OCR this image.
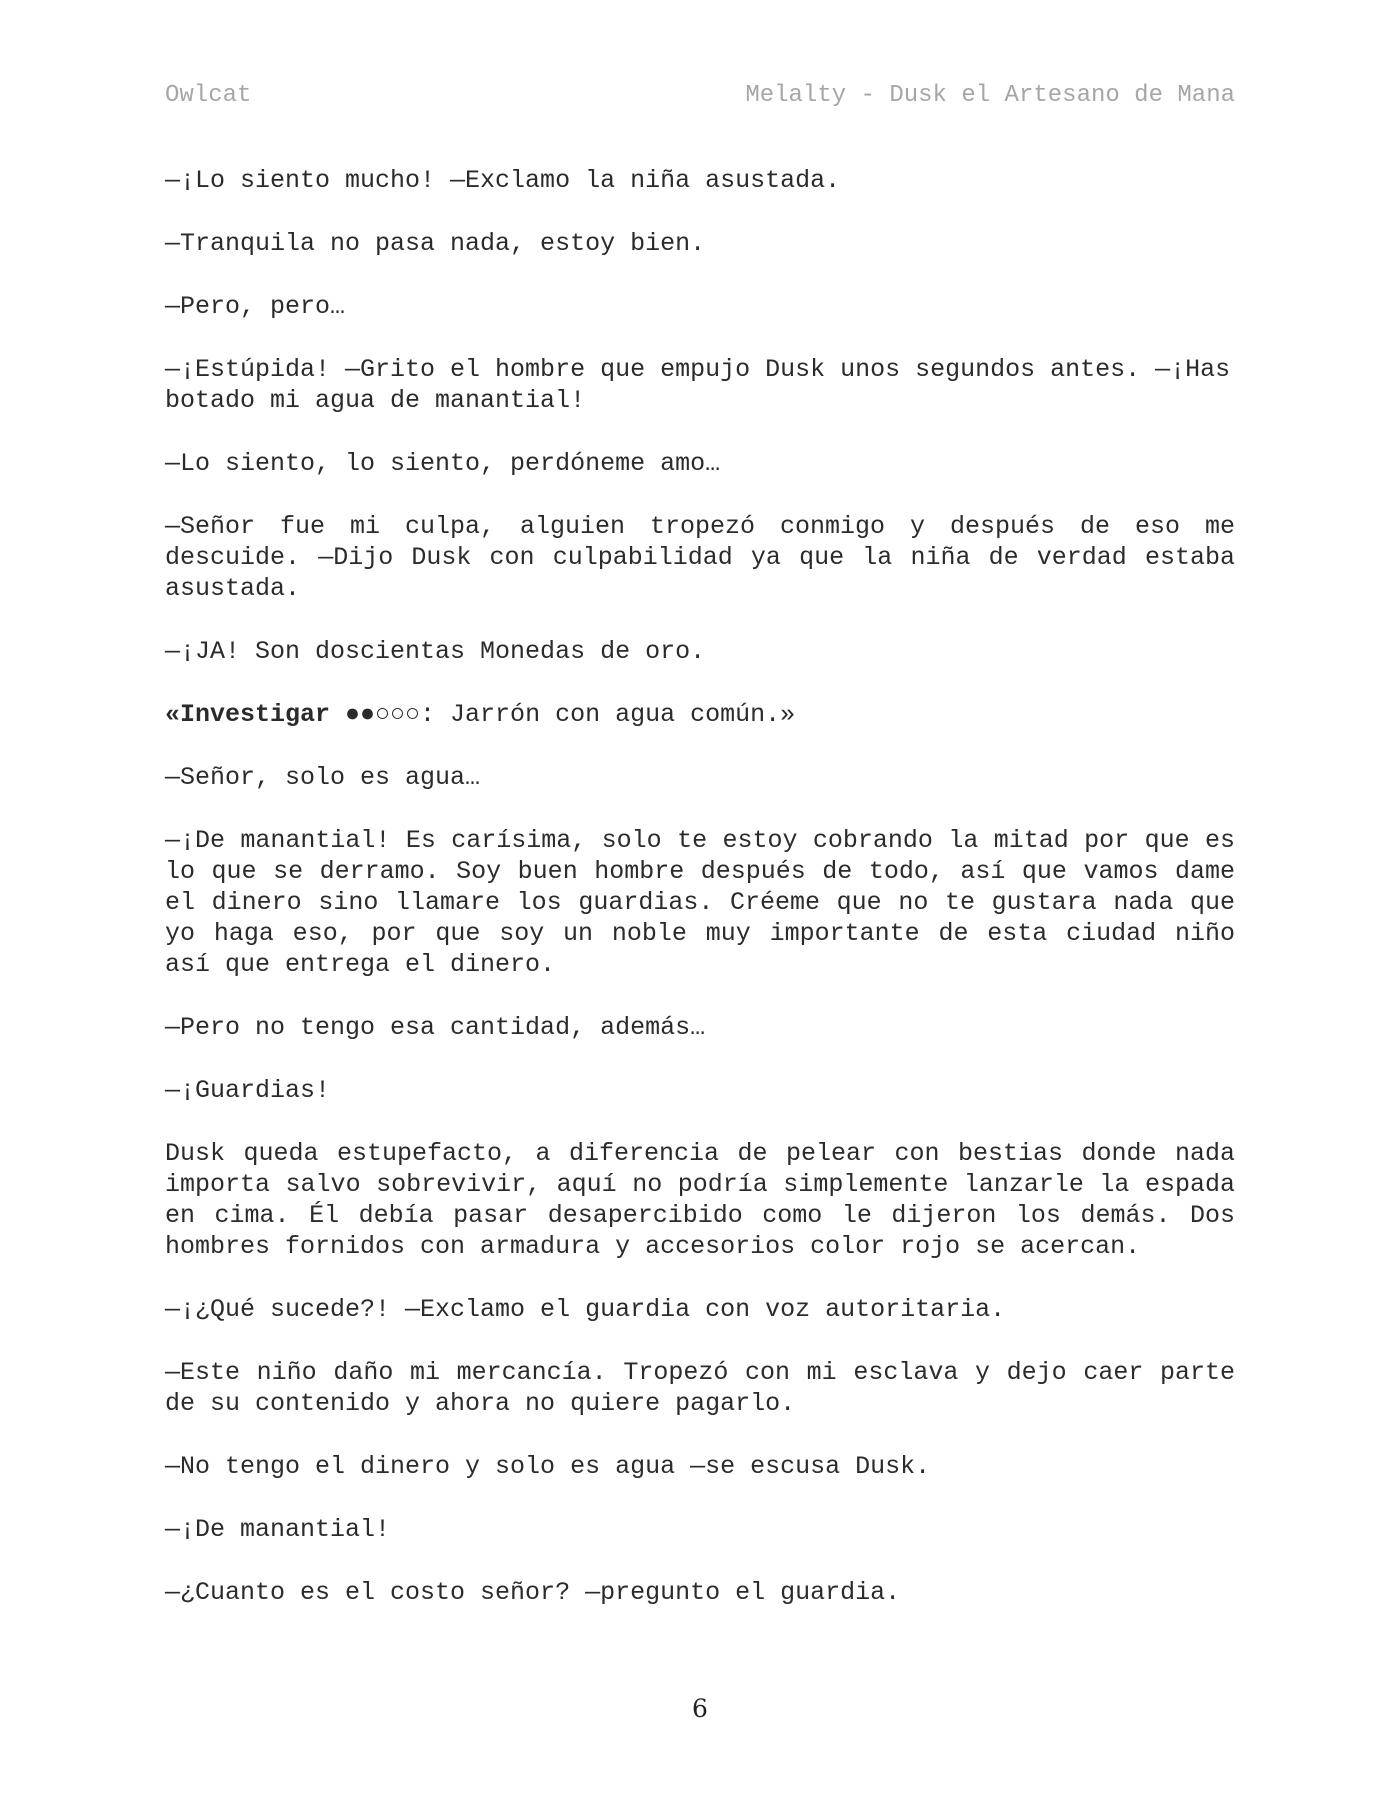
Owlcat	Melalty - Dusk el Artesano de Mana

—¡Lo siento mucho! —Exclamo la niña asustada.

—Tranquila no pasa nada, estoy bien.

—Pero, pero…

—¡Estúpida! —Grito el hombre que empujo Dusk unos segundos antes. —¡Has botado mi agua de manantial!

—Lo siento, lo siento, perdóneme amo…

—Señor fue mi culpa, alguien tropezó conmigo y después de eso me descuide. —Dijo Dusk con culpabilidad ya que la niña de verdad estaba asustada.

—¡JA! Son doscientas Monedas de oro.

«Investigar ●●○○○: Jarrón con agua común.»

—Señor, solo es agua…

—¡De manantial! Es carísima, solo te estoy cobrando la mitad por que es lo que se derramo. Soy buen hombre después de todo, así que vamos dame el dinero sino llamare los guardias. Créeme que no te gustara nada que yo haga eso, por que soy un noble muy importante de esta ciudad niño así que entrega el dinero.

—Pero no tengo esa cantidad, además…

—¡Guardias!

Dusk queda estupefacto, a diferencia de pelear con bestias donde nada importa salvo sobrevivir, aquí no podría simplemente lanzarle la espada en cima. Él debía pasar desapercibido como le dijeron los demás. Dos hombres fornidos con armadura y accesorios color rojo se acercan.

—¡¿Qué sucede?! —Exclamo el guardia con voz autoritaria.

—Este niño daño mi mercancía. Tropezó con mi esclava y dejo caer parte de su contenido y ahora no quiere pagarlo.

—No tengo el dinero y solo es agua —se escusa Dusk.

—¡De manantial!

—¿Cuanto es el costo señor? —pregunto el guardia.

6
